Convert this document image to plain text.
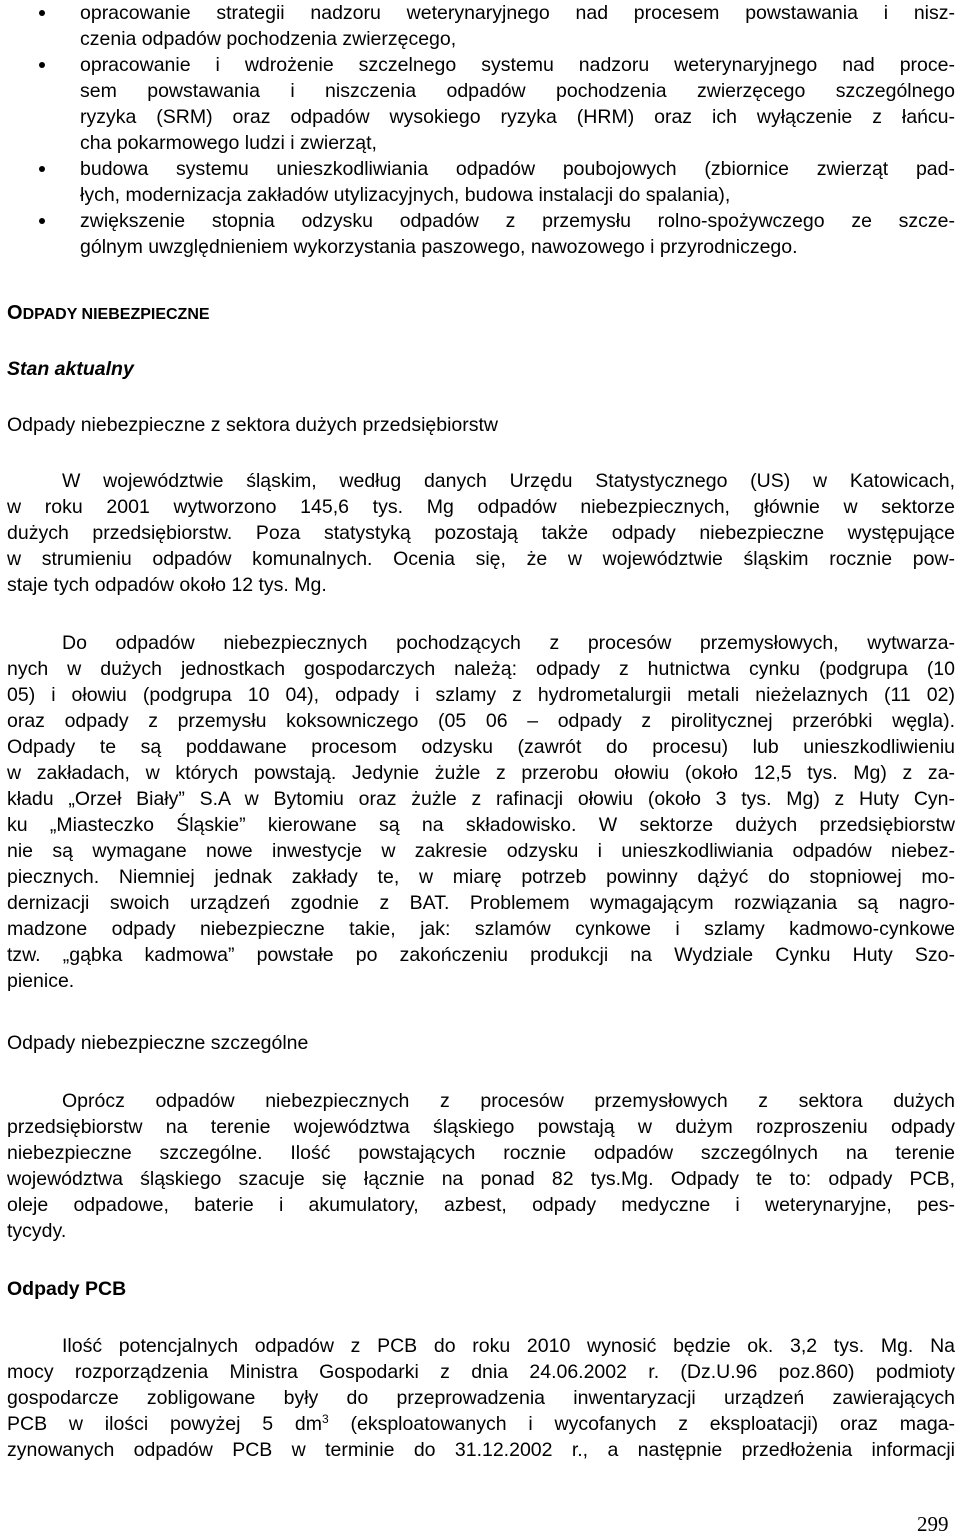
opracowanie strategii nadzoru weterynaryjnego nad procesem powstawania i nisz-
czenia odpadów pochodzenia zwierzęcego,
opracowanie i wdrożenie szczelnego systemu nadzoru weterynaryjnego nad proce-
sem powstawania i niszczenia odpadów pochodzenia zwierzęcego szczególnego
ryzyka (SRM) oraz odpadów wysokiego ryzyka (HRM) oraz ich wyłączenie z łańcu-
cha pokarmowego ludzi i zwierząt,
budowa systemu unieszkodliwiania odpadów poubojowych (zbiornice zwierząt pad-
łych, modernizacja zakładów utylizacyjnych, budowa instalacji do spalania),
zwiększenie stopnia odzysku odpadów z przemysłu rolno-spożywczego ze szcze-
gólnym uwzględnieniem wykorzystania paszowego, nawozowego i przyrodniczego.
ODPADY NIEBEZPIECZNE
Stan aktualny
Odpady niebezpieczne z sektora dużych przedsiębiorstw
W województwie śląskim, według danych Urzędu Statystycznego (US) w Katowicach,
w roku 2001 wytworzono 145,6 tys. Mg odpadów niebezpiecznych, głównie w sektorze
dużych przedsiębiorstw. Poza statystyką pozostają także odpady niebezpieczne występujące
w strumieniu odpadów komunalnych. Ocenia się, że w województwie śląskim rocznie pow-
staje tych odpadów około 12 tys. Mg.
Do odpadów niebezpiecznych pochodzących z procesów przemysłowych, wytwarza-
nych w dużych jednostkach gospodarczych należą: odpady z hutnictwa cynku (podgrupa (10
05) i ołowiu (podgrupa 10 04), odpady i szlamy z hydrometalurgii metali nieżelaznych (11 02)
oraz odpady z przemysłu koksowniczego (05 06 – odpady z pirolitycznej przeróbki węgla).
Odpady te są poddawane procesom odzysku (zawrót do procesu) lub unieszkodliwieniu
w zakładach, w których powstają. Jedynie żużle z przerobu ołowiu (około 12,5 tys. Mg) z za-
kładu „Orzeł Biały” S.A w Bytomiu oraz żużle z rafinacji ołowiu (około 3 tys. Mg) z Huty Cyn-
ku „Miasteczko Śląskie” kierowane są na składowisko. W sektorze dużych przedsiębiorstw
nie są wymagane nowe inwestycje w zakresie odzysku i unieszkodliwiania odpadów niebez-
piecznych. Niemniej jednak zakłady te, w miarę potrzeb powinny dążyć do stopniowej mo-
dernizacji swoich urządzeń zgodnie z BAT. Problemem wymagającym rozwiązania są nagro-
madzone odpady niebezpieczne takie, jak: szlamów cynkowe i szlamy kadmowo-cynkowe
tzw. „gąbka kadmowa” powstałe po zakończeniu produkcji na Wydziale Cynku Huty Szo-
pienice.
Odpady niebezpieczne szczególne
Oprócz odpadów niebezpiecznych z procesów przemysłowych z sektora dużych
przedsiębiorstw na terenie województwa śląskiego powstają w dużym rozproszeniu odpady
niebezpieczne szczególne. Ilość powstających rocznie odpadów szczególnych na terenie
województwa śląskiego szacuje się łącznie na ponad 82 tys.Mg. Odpady te to: odpady PCB,
oleje odpadowe, baterie i akumulatory, azbest, odpady medyczne i weterynaryjne, pes-
tycydy.
Odpady PCB
Ilość potencjalnych odpadów z PCB do roku 2010 wynosić będzie ok. 3,2 tys. Mg. Na
mocy rozporządzenia Ministra Gospodarki z dnia 24.06.2002 r. (Dz.U.96 poz.860) podmioty
gospodarcze zobligowane były do przeprowadzenia inwentaryzacji urządzeń zawierających
PCB w ilości powyżej 5 $dm^3$ (eksploatowanych i wycofanych z eksploatacji) oraz maga-
zynowanych odpadów PCB w terminie do 31.12.2002 r., a następnie przedłożenia informacji
299
